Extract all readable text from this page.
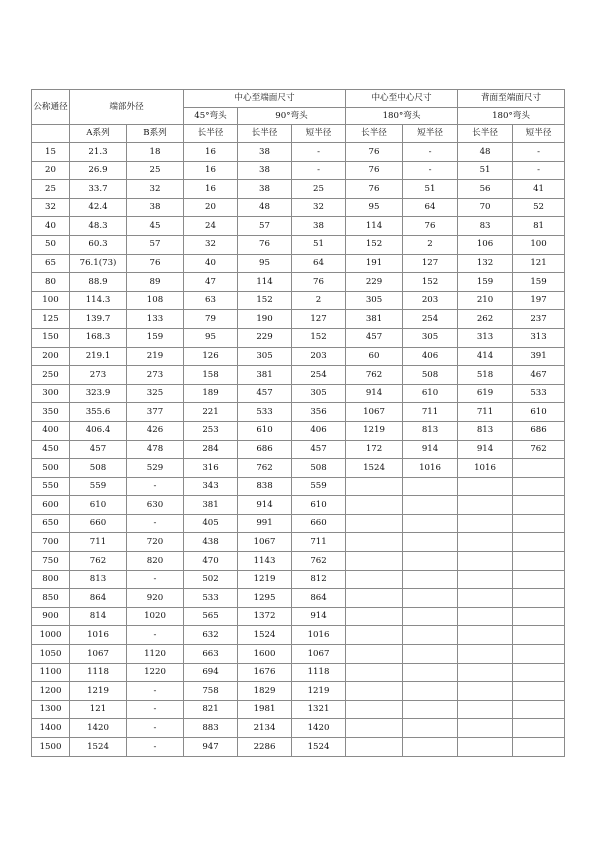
公称通径	端部外径		中心至端面尺寸			中心至中心尺寸		背面至端面尺寸	
			45°弯头	90°弯头		180°弯头		180°弯头	
	A系列	B系列	长半径	长半径	短半径	长半径	短半径	长半径	短半径
15	21.3	18	16	38	-	76	-	48	-
20	26.9	25	16	38	-	76	-	51	-
25	33.7	32	16	38	25	76	51	56	41
32	42.4	38	20	48	32	95	64	70	52
40	48.3	45	24	57	38	114	76	83	81
50	60.3	57	32	76	51	152	2	106	100
65	76.1(73)	76	40	95	64	191	127	132	121
80	88.9	89	47	114	76	229	152	159	159
100	114.3	108	63	152	2	305	203	210	197
125	139.7	133	79	190	127	381	254	262	237
150	168.3	159	95	229	152	457	305	313	313
200	219.1	219	126	305	203	60	406	414	391
250	273	273	158	381	254	762	508	518	467
300	323.9	325	189	457	305	914	610	619	533
350	355.6	377	221	533	356	1067	711	711	610
400	406.4	426	253	610	406	1219	813	813	686
450	457	478	284	686	457	172	914	914	762
500	508	529	316	762	508	1524	1016	1016	
550	559	-	343	838	559				
600	610	630	381	914	610				
650	660	-	405	991	660				
700	711	720	438	1067	711				
750	762	820	470	1143	762				
800	813	-	502	1219	812				
850	864	920	533	1295	864				
900	814	1020	565	1372	914				
1000	1016	-	632	1524	1016				
1050	1067	1120	663	1600	1067				
1100	1118	1220	694	1676	1118				
1200	1219	-	758	1829	1219				
1300	121	-	821	1981	1321				
1400	1420	-	883	2134	1420				
1500	1524	-	947	2286	1524				
